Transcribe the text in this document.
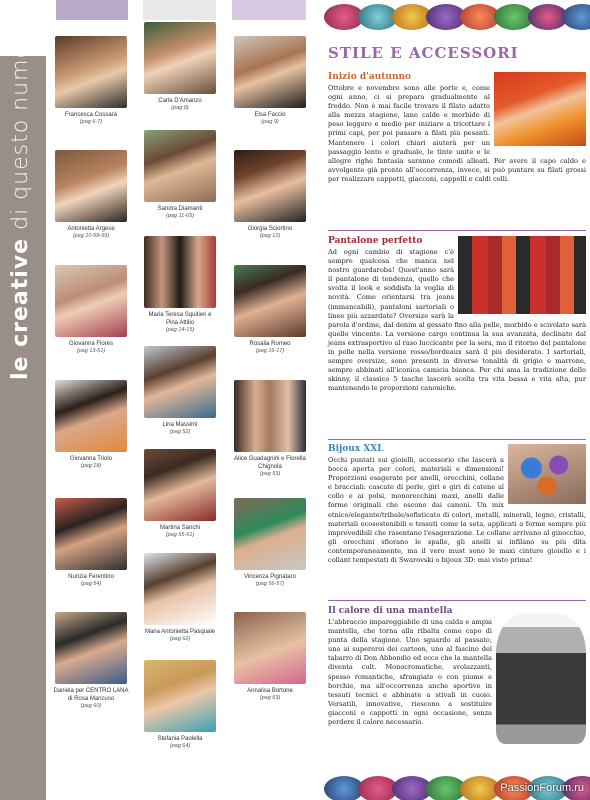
le creative di questo numero	Francesca Cossarà
(pag 6-7)
Carla D'Amanzo
(pag 8)
Elsa Faccio
(pag 9)
Antonietta Argese
(pag 10-58-59)
Sandra Diamanti
(pag 11-65)
Giorgia Sciortino
(pag 12)
Giovanna Flores
(pag 13-51)
Maria Teresa Squitieri e Pina Attilio
(pag 14-15)
Rosalia Romeo
(pag 16-17)
Giovanna Triolo
(pag 18)
Lina Massimi
(pag 52)
Alice Guadagnini e Fiorella Chignola
(pag 53)
Martina Sanchi
(pag 55-61)
Nunzia Ferentino
(pag 54)
Vincenza Pignataro
(pag 56-57)
Maria Antonietta Pasquale
(pag 62)
Daniela per CENTRO LANA di Rosa Mancuso
(pag 60)
Annalisa Bortone
(pag 63)
Stefania Paolella
(pag 64)
STILE E ACCESSORI
Inizio d'autunno

Ottobre e novembre sono alle porte e, come ogni anno, ci si prepara gradualmente al freddo. Non è mai facile trovare il filato adatto alla mezza stagione, lane calde e morbide di peso leggero e medio per iniziare a tricottare i primi capi, per poi passare a filati più pesanti. Mantenere i colori chiari aiuterà per un passaggio lento e graduale, le tinte unite e le allegre righe fantasia saranno comodi alleati. Per avere il capo caldo e avvolgente già pronto all'occorrenza, invece, si può puntare su filati grossi per realizzare cappotti, giacconi, cappelli e caldi colli.

Pantalone perfetto

Ad ogni cambio di stagione c'è sempre qualcosa che manca nel nostro guardaroba! Quest'anno sarà il pantalone di tendenza, quello che svolta il look e soddisfa la voglia di novità. Come orientarsi tra jeans (immancabili), pantaloni sartoriali o linee più azzardate? Oversize sarà la parola d'ordine, dal denim al gessato fino alla pelle, morbido e scivolato sarà quello vincente. La versione cargo continua la sua avanzata, declinato dal jeans extrasportivo al raso luccicante per la sera, ma il ritorno del pantalone in pelle nella versione rosso/bordeaux sarà il più desiderato. I sartoriali, sempre oversize, sono presenti in diverse tonalità di grigio e marrone, sempre abbinati all'iconica camicia bianca. Per chi ama la tradizione dello skinny, il classico 5 tasche lascerà scelta tra vita bassa e vita alta, pur mantenendo le proporzioni canoniche.

Bijoux XXL

Occhi puntati sui gioielli, accessorio che lascerà a bocca aperta per colori, materiali e dimensioni! Proporzioni esagerate per anelli, orecchini, collane e bracciali: cascate di perle, giri e giri di catene al collo e ai polsi, monorecchini maxi, anelli dalle forme originali che escono dai canoni. Un mix etnico/elegante/tribale/sofisticato di colori, metalli, minerali, legno, cristalli, materiali ecosostenibili e tessuti come la seta, applicati a forme sempre più imprevedibili che rasentano l'esagerazione. Le collane arrivano al ginocchio, gli orecchini sfiorano le spalle, gli anelli si infilano su più dita contemporaneamente, ma il vero must sono le maxi cinture gioiello e i collant tempestati di Swarovski o bijoux 3D: mai visto prima!

Il calore di una mantella

L'abbraccio impareggiabile di una calda e ampia mantella, che torna alla ribalta come capo di punta della stagione. Uno sguardo al passato, uno ai supereroi dei cartoon, uno al fascino del tabarro di Don Abbondio ed ecco che la mantella diventa cult. Monocromatiche, svolazzanti, spesso romantiche, sfrangiate o con piume e borchie, ma all'occorrenza anche sportive in tessuti tecnici e abbinate a stivali in cuoio. Versatili, innovative, riescono a sostituire giacconi e cappotti in ogni occasione, senza perdere il calore necessario.

PassionForum.ru
